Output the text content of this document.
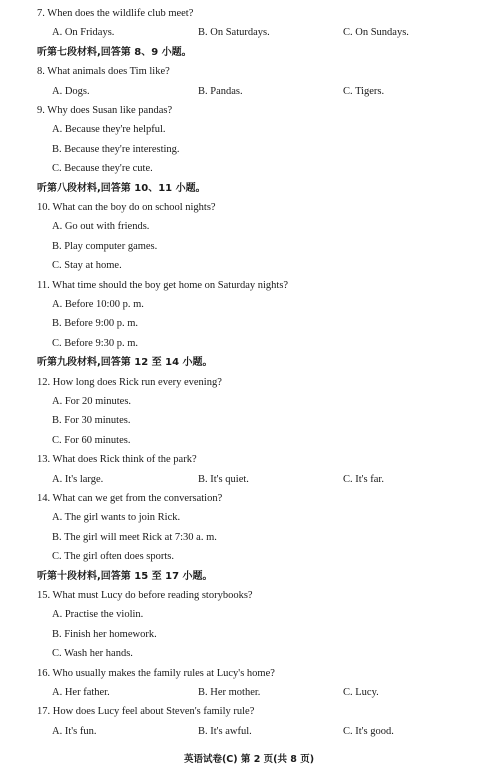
7. When does the wildlife club meet?
A. On Fridays.	B. On Saturdays.	C. On Sundays.
听第七段材料,回答第 8、9 小题。
8. What animals does Tim like?
A. Dogs.	B. Pandas.	C. Tigers.
9. Why does Susan like pandas?
A. Because they're helpful.
B. Because they're interesting.
C. Because they're cute.
听第八段材料,回答第 10、11 小题。
10. What can the boy do on school nights?
A. Go out with friends.
B. Play computer games.
C. Stay at home.
11. What time should the boy get home on Saturday nights?
A. Before 10:00 p. m.
B. Before 9:00 p. m.
C. Before 9:30 p. m.
听第九段材料,回答第 12 至 14 小题。
12. How long does Rick run every evening?
A. For 20 minutes.
B. For 30 minutes.
C. For 60 minutes.
13. What does Rick think of the park?
A. It's large.	B. It's quiet.	C. It's far.
14. What can we get from the conversation?
A. The girl wants to join Rick.
B. The girl will meet Rick at 7:30 a. m.
C. The girl often does sports.
听第十段材料,回答第 15 至 17 小题。
15. What must Lucy do before reading storybooks?
A. Practise the violin.
B. Finish her homework.
C. Wash her hands.
16. Who usually makes the family rules at Lucy's home?
A. Her father.	B. Her mother.	C. Lucy.
17. How does Lucy feel about Steven's family rule?
A. It's fun.	B. It's awful.	C. It's good.
英语试卷(C) 第 2 页(共 8 页)
